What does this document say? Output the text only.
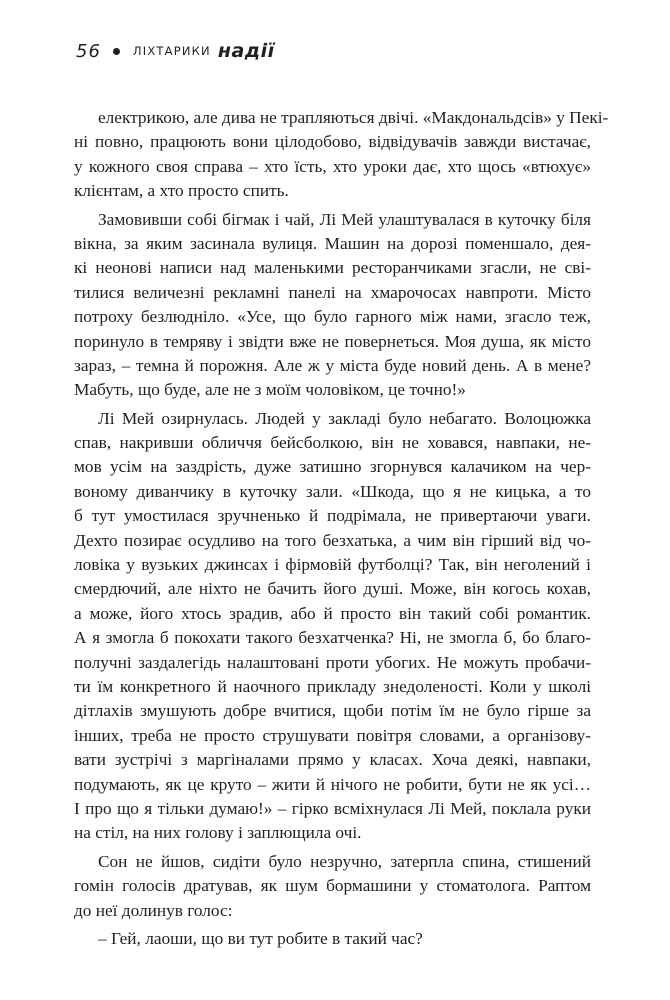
56	ЛІХТАРИКИ надії
електрикою, але дива не трапляються двічі. «Макдональдсів» у Пекі-
ні повно, працюють вони цілодобово, відвідувачів завжди вистачає,
у кожного своя справа – хто їсть, хто уроки дає, хто щось «втюхує»
клієнтам, а хто просто спить.
Замовивши собі бігмак і чай, Лі Мей улаштувалася в куточку біля
вікна, за яким засинала вулиця. Машин на дорозі поменшало, дея-
кі неонові написи над маленькими ресторанчиками згасли, не сві-
тилися величезні рекламні панелі на хмарочосах навпроти. Місто
потроху безлюдніло. «Усе, що було гарного між нами, згасло теж,
поринуло в темряву і звідти вже не повернеться. Моя душа, як місто
зараз, – темна й порожня. Але ж у міста буде новий день. А в мене?
Мабуть, що буде, але не з моїм чоловіком, це точно!»
Лі Мей озирнулась. Людей у закладі було небагато. Волоцюжка
спав, накривши обличчя бейсболкою, він не ховався, навпаки, не-
мов усім на заздрість, дуже затишно згорнувся калачиком на чер-
воному диванчику в куточку зали. «Шкода, що я не кицька, а то
б тут умостилася зручненько й подрімала, не привертаючи уваги.
Дехто позирає осудливо на того безхатька, а чим він гірший від чо-
ловіка у вузьких джинсах і фірмовій футболці? Так, він неголений і
смердючий, але ніхто не бачить його душі. Може, він когось кохав,
а може, його хтось зрадив, або й просто він такий собі романтик.
А я змогла б покохати такого безхатченка? Ні, не змогла б, бо благо-
получні заздалегідь налаштовані проти убогих. Не можуть пробачи-
ти їм конкретного й наочного прикладу знедоленості. Коли у школі
дітлахів змушують добре вчитися, щоби потім їм не було гірше за
інших, треба не просто струшувати повітря словами, а організову-
вати зустрічі з маргіналами прямо у класах. Хоча деякі, навпаки,
подумають, як це круто – жити й нічого не робити, бути не як усі…
І про що я тільки думаю!» – гірко всміхнулася Лі Мей, поклала руки
на стіл, на них голову і заплющила очі.
Сон не йшов, сидіти було незручно, затерпла спина, стишений
гомін голосів дратував, як шум бормашини у стоматолога. Раптом
до неї долинув голос:
– Гей, лаоши, що ви тут робите в такий час?
